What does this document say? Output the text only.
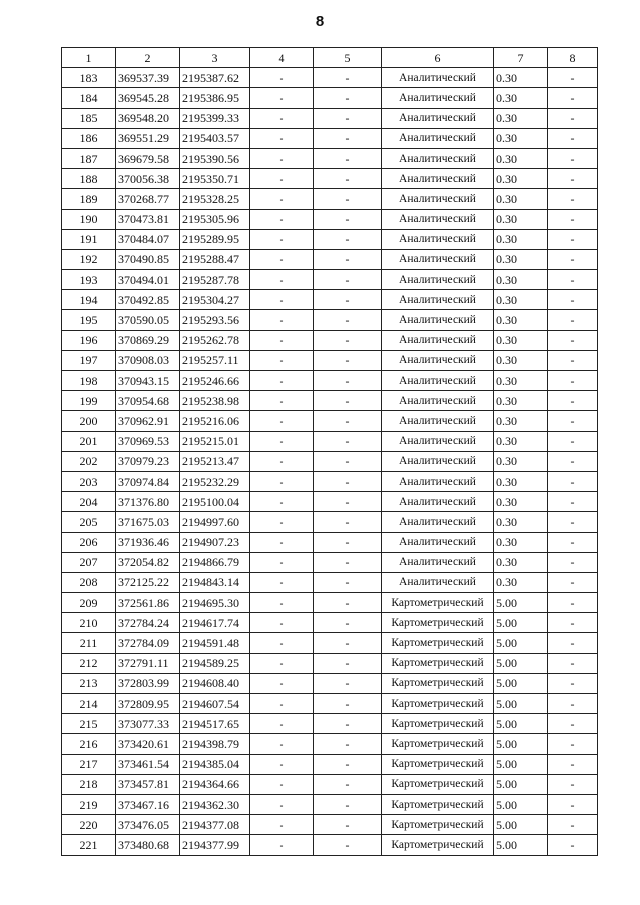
8
1	2	3	4	5	6	7	8
183	369537.39	2195387.62	-	-	Аналитический	0.30	-
184	369545.28	2195386.95	-	-	Аналитический	0.30	-
185	369548.20	2195399.33	-	-	Аналитический	0.30	-
186	369551.29	2195403.57	-	-	Аналитический	0.30	-
187	369679.58	2195390.56	-	-	Аналитический	0.30	-
188	370056.38	2195350.71	-	-	Аналитический	0.30	-
189	370268.77	2195328.25	-	-	Аналитический	0.30	-
190	370473.81	2195305.96	-	-	Аналитический	0.30	-
191	370484.07	2195289.95	-	-	Аналитический	0.30	-
192	370490.85	2195288.47	-	-	Аналитический	0.30	-
193	370494.01	2195287.78	-	-	Аналитический	0.30	-
194	370492.85	2195304.27	-	-	Аналитический	0.30	-
195	370590.05	2195293.56	-	-	Аналитический	0.30	-
196	370869.29	2195262.78	-	-	Аналитический	0.30	-
197	370908.03	2195257.11	-	-	Аналитический	0.30	-
198	370943.15	2195246.66	-	-	Аналитический	0.30	-
199	370954.68	2195238.98	-	-	Аналитический	0.30	-
200	370962.91	2195216.06	-	-	Аналитический	0.30	-
201	370969.53	2195215.01	-	-	Аналитический	0.30	-
202	370979.23	2195213.47	-	-	Аналитический	0.30	-
203	370974.84	2195232.29	-	-	Аналитический	0.30	-
204	371376.80	2195100.04	-	-	Аналитический	0.30	-
205	371675.03	2194997.60	-	-	Аналитический	0.30	-
206	371936.46	2194907.23	-	-	Аналитический	0.30	-
207	372054.82	2194866.79	-	-	Аналитический	0.30	-
208	372125.22	2194843.14	-	-	Аналитический	0.30	-
209	372561.86	2194695.30	-	-	Картометрический	5.00	-
210	372784.24	2194617.74	-	-	Картометрический	5.00	-
211	372784.09	2194591.48	-	-	Картометрический	5.00	-
212	372791.11	2194589.25	-	-	Картометрический	5.00	-
213	372803.99	2194608.40	-	-	Картометрический	5.00	-
214	372809.95	2194607.54	-	-	Картометрический	5.00	-
215	373077.33	2194517.65	-	-	Картометрический	5.00	-
216	373420.61	2194398.79	-	-	Картометрический	5.00	-
217	373461.54	2194385.04	-	-	Картометрический	5.00	-
218	373457.81	2194364.66	-	-	Картометрический	5.00	-
219	373467.16	2194362.30	-	-	Картометрический	5.00	-
220	373476.05	2194377.08	-	-	Картометрический	5.00	-
221	373480.68	2194377.99	-	-	Картометрический	5.00	-
